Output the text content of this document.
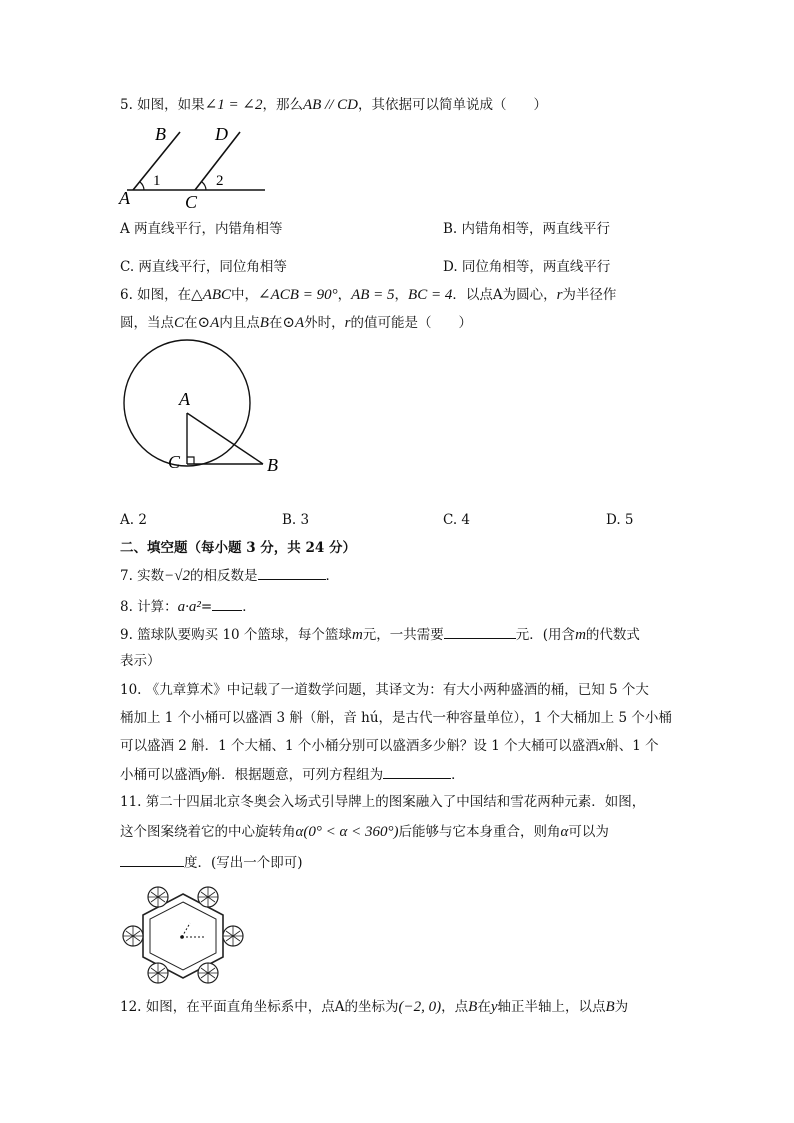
5. 如图，如果∠1 = ∠2，那么AB // CD，其依据可以简单说成（　　）
B	D
A	C
1	2
A 两直线平行，内错角相等	B. 内错角相等，两直线平行
C. 两直线平行，同位角相等	D. 同位角相等，两直线平行
6. 如图，在△ABC中，∠ACB = 90°，AB = 5，BC = 4．以点A为圆心，r为半径作
圆，当点C在⊙A内且点B在⊙A外时，r的值可能是（　　）
A
C	B
A. 2	B. 3	C. 4	D. 5
二、填空题（每小题 3 分，共 24 分）
7. 实数−√2的相反数是	．
8. 计算：a·a²= ．
9. 篮球队要购买 10 个篮球，每个篮球m元，一共需要	元．(用含m的代数式
表示）
10. 《九章算术》中记载了一道数学问题，其译文为：有大小两种盛酒的桶，已知 5 个大
桶加上 1 个小桶可以盛酒 3 斛（斛，音 hú，是古代一种容量单位），1 个大桶加上 5 个小桶
可以盛酒 2 斛．1 个大桶、1 个小桶分别可以盛酒多少斛？设 1 个大桶可以盛酒x斛、1 个
小桶可以盛酒y斛．根据题意，可列方程组为	．
11. 第二十四届北京冬奥会入场式引导牌上的图案融入了中国结和雪花两种元素．如图，
这个图案绕着它的中心旋转角α(0° < α < 360°)后能够与它本身重合，则角α可以为
度．(写出一个即可)
12. 如图，在平面直角坐标系中，点A的坐标为(−2, 0)，点B在y轴正半轴上，以点B为
